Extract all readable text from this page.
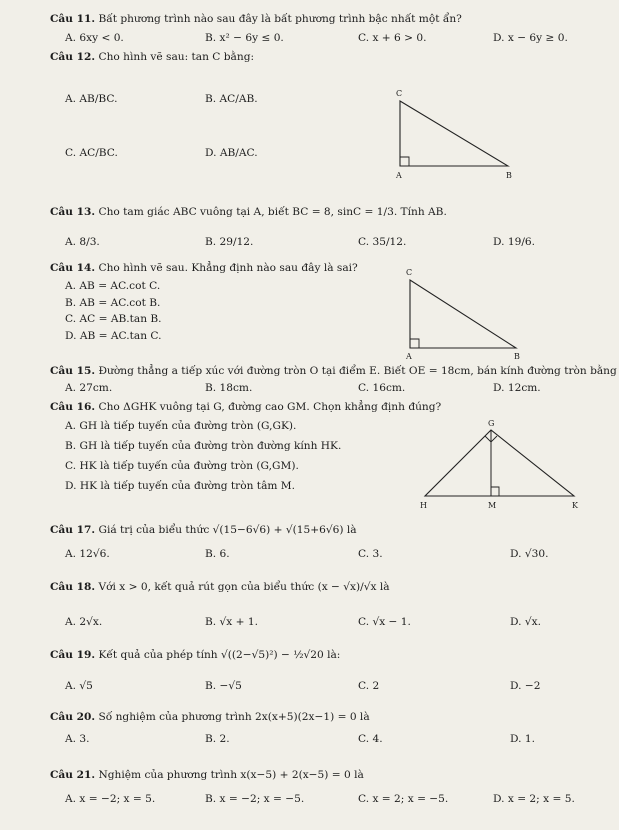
Câu 11. Bất phương trình nào sau đây là bất phương trình bậc nhất một ẩn?
A. 6xy < 0.	B. x² − 6y ≤ 0.	C. x + 6 > 0.	D. x − 6y ≥ 0.
Câu 12. Cho hình vẽ sau: tan C bằng:
A. AB/BC.	B. AC/AB.
C. AC/BC.	D. AB/AC.
C
A	B
Câu 13. Cho tam giác ABC vuông tại A, biết BC = 8, sinC = 1/3. Tính AB.
A. 8/3.	B. 29/12.	C. 35/12.	D. 19/6.
Câu 14. Cho hình vẽ sau. Khẳng định nào sau đây là sai?
A. AB = AC.cot C.
B. AB = AC.cot B.
C. AC = AB.tan B.
D. AB = AC.tan C.
C
A	B
Câu 15. Đường thẳng a tiếp xúc với đường tròn O tại điểm E. Biết OE = 18cm, bán kính đường tròn bằng
A. 27cm.	B. 18cm.	C. 16cm.	D. 12cm.
Câu 16. Cho ΔGHK vuông tại G, đường cao GM. Chọn khẳng định đúng?
A. GH là tiếp tuyến của đường tròn (G,GK).
B. GH là tiếp tuyến của đường tròn đường kính HK.
C. HK là tiếp tuyến của đường tròn (G,GM).
D. HK là tiếp tuyến của đường tròn tâm M.
G
H	M	K
Câu 17. Giá trị của biểu thức √(15−6√6) + √(15+6√6) là
A. 12√6.	B. 6.	C. 3.	D. √30.
Câu 18. Với x > 0, kết quả rút gọn của biểu thức (x − √x)/√x là
A. 2√x.	B. √x + 1.	C. √x − 1.	D. √x.
Câu 19. Kết quả của phép tính √((2−√5)²) − ½√20 là:
A. √5	B. −√5	C. 2	D. −2
Câu 20. Số nghiệm của phương trình 2x(x+5)(2x−1) = 0 là
A. 3.	B. 2.	C. 4.	D. 1.
Câu 21. Nghiệm của phương trình x(x−5) + 2(x−5) = 0 là
A. x = −2; x = 5.	B. x = −2; x = −5.	C. x = 2; x = −5.	D. x = 2; x = 5.
